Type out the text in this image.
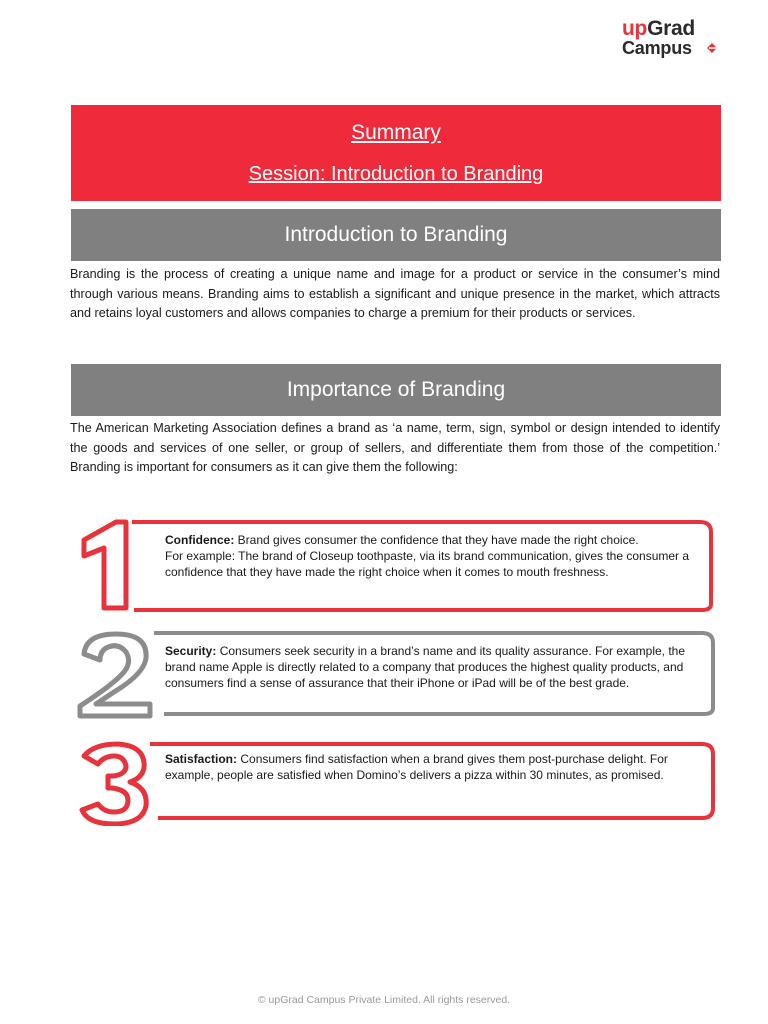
upGrad
Campus
Summary
Session: Introduction to Branding
Introduction to Branding

Branding is the process of creating a unique name and image for a product or service in the consumer’s mind through various means. Branding aims to establish a significant and unique presence in the market, which attracts and retains loyal customers and allows companies to charge a premium for their products or services.

Importance of Branding

The American Marketing Association defines a brand as ‘a name, term, sign, symbol or design intended to identify the goods and services of one seller, or group of sellers, and differentiate them from those of the competition.’ Branding is important for consumers as it can give them the following:

Confidence: Brand gives consumer the confidence that they have made the right choice.
For example: The brand of Closeup toothpaste, via its brand communication, gives the consumer a confidence that they have made the right choice when it comes to mouth freshness.
Security: Consumers seek security in a brand’s name and its quality assurance. For example, the brand name Apple is directly related to a company that produces the highest quality products, and consumers find a sense of assurance that their iPhone or iPad will be of the best grade.
Satisfaction: Consumers find satisfaction when a brand gives them post-purchase delight. For example, people are satisfied when Domino’s delivers a pizza within 30 minutes, as promised.
© upGrad Campus Private Limited. All rights reserved.
